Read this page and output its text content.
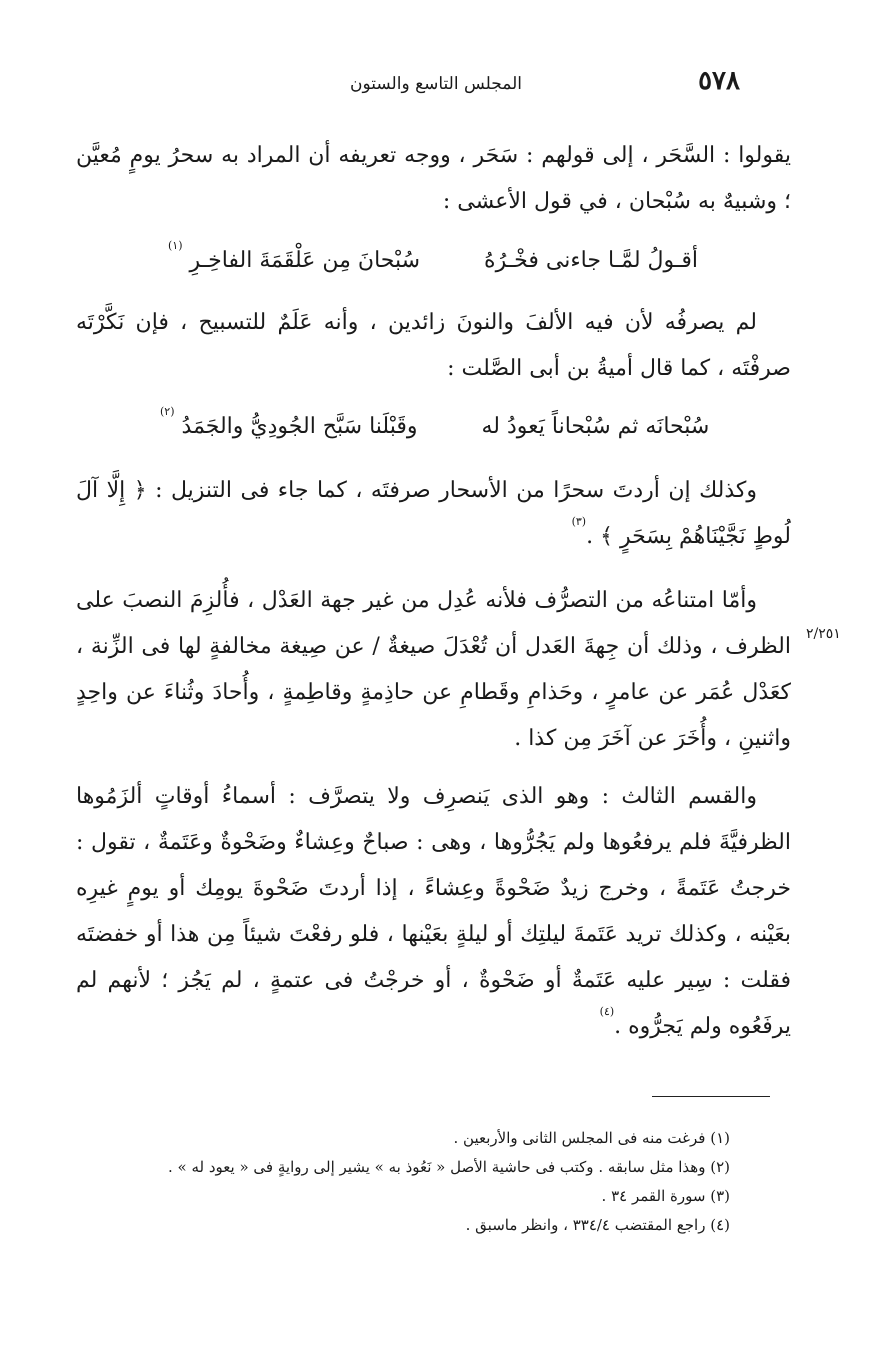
٥٧٨
المجلس التاسع والستون

يقولوا : السَّحَر ، إلى قولهم : سَحَر ، ووجه تعريفه أن المراد به سحرُ يومٍ مُعيَّن ؛ وشبيهٌ به سُبْحان ، في قول الأعشى :

أقـولُ لمَّـا جاءنى فخْـرُهُ  سُبْحانَ مِن عَلْقَمَةَ الفاخِـرِ $^{(١)}$

لم يصرفُه لأن فيه الألفَ والنونَ زائدين ، وأنه عَلَمٌ للتسبيح ، فإن نَكَّرْتَه صرفْتَه ، كما قال أميةُ بن أبى الصَّلت :

سُبْحانَه ثم سُبْحاناً يَعودُ له  وقَبْلَنا سَبَّح الجُودِيُّ والجَمَدُ $^{(٢)}$

وكذلك إن أردتَ سحرًا من الأسحار صرفتَه ، كما جاء فى التنزيل : ﴿ إِلَّا آلَ لُوطٍ نَجَّيْنَاهُمْ بِسَحَرٍ ﴾ .$^{(٣)}$

٢/٢٥١

وأمّا امتناعُه من التصرُّف فلأنه عُدِل من غير جهة العَدْل ، فأُلزِمَ النصبَ على الظرف ، وذلك أن جِهةَ العَدل أن تُعْدَلَ صيغةٌ / عن صِيغة مخالفةٍ لها فى الزِّنة ، كعَدْل عُمَر عن عامرٍ ، وحَذامِ وقَطامِ عن حاذِمةٍ وقاطِمةٍ ، وأُحادَ وثُناءَ عن واحِدٍ واثنينِ ، وأُخَرَ عن آخَرَ مِن كذا .

والقسم الثالث : وهو الذى يَنصرِف ولا يتصرَّف : أسماءُ أوقاتٍ ألزَمُوها الظرفيَّةَ فلم يرفعُوها ولم يَجُرُّوها ، وهى : صباحٌ وعِشاءٌ وضَحْوةٌ وعَتَمةٌ ، تقول : خرجتُ عَتَمةً ، وخرج زيدٌ ضَحْوةً وعِشاءً ، إذا أردتَ ضَحْوةَ يومِك أو يومٍ غيرِه بعَيْنه ، وكذلك تريد عَتَمةَ ليلتِك أو ليلةٍ بعَيْنها ، فلو رفعْتَ شيئاً مِن هذا أو خفضتَه فقلت : سِير عليه عَتَمةٌ أو ضَحْوةٌ ، أو خرجْتُ فى عتمةٍ ، لم يَجُز ؛ لأنهم لم يرفَعُوه ولم يَجرُّوه .$^{(٤)}$

(١) فرغت منه فى المجلس الثانى والأربعين .
(٢) وهذا مثل سابقه . وكتب فى حاشية الأصل « نَعُوذ به » يشير إلى روايةٍ فى « يعود له » .
(٣) سورة القمر ٣٤ .
(٤) راجع المقتضب ٣٣٤/٤ ، وانظر ماسبق .
